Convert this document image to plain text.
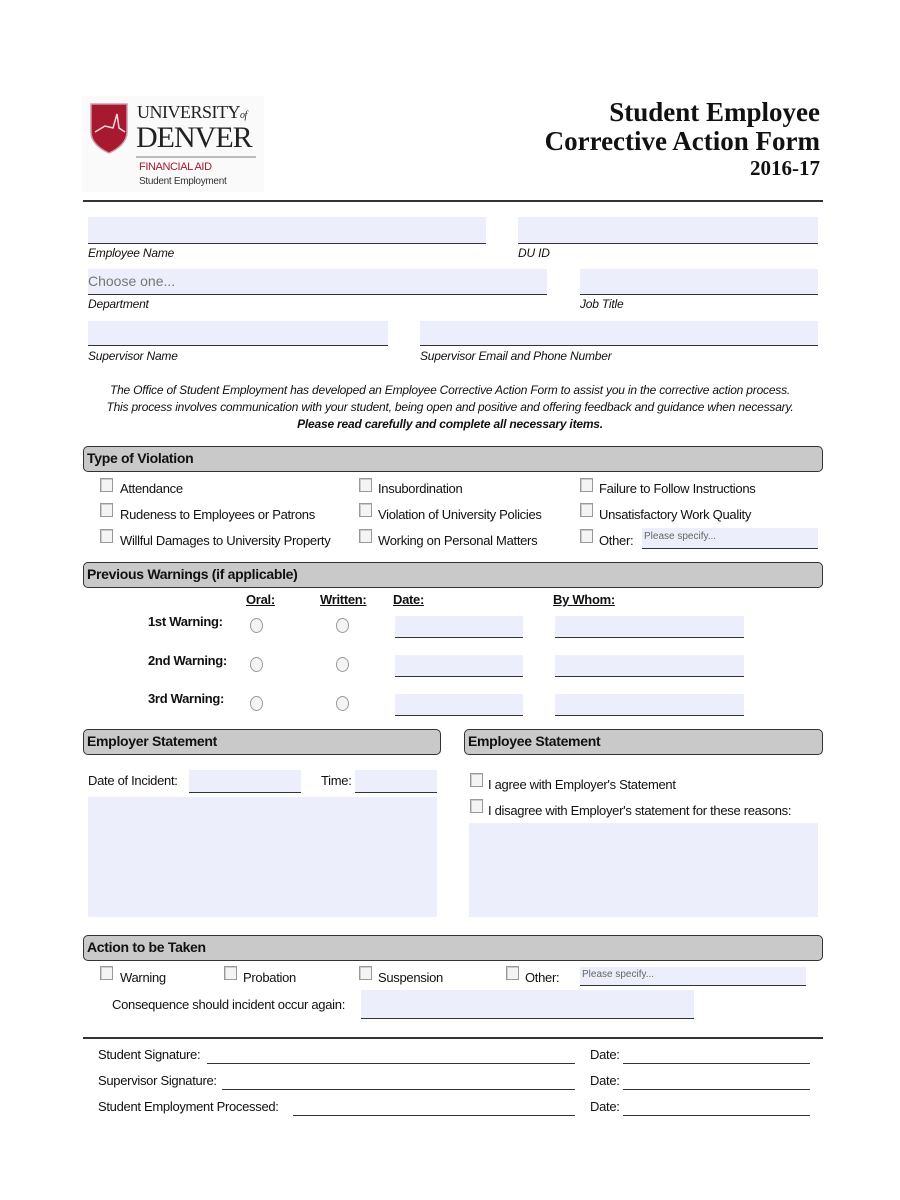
UNIVERSITYof
DENVER
FINANCIAL AID
Student Employment
Student Employee
Corrective Action Form
2016-17
Employee Name	DU ID
Choose one...
Department	Job Title
Supervisor Name	Supervisor Email and Phone Number
The Office of Student Employment has developed an Employee Corrective Action Form to assist you in the corrective action process.
This process involves communication with your student, being open and positive and offering feedback and guidance when necessary.
Please read carefully and complete all necessary items.
Type of Violation
Attendance	Insubordination	Failure to Follow Instructions
Rudeness to Employees or Patrons	Violation of University Policies	Unsatisfactory Work Quality
Willful Damages to University Property	Working on Personal Matters	Other: Please specify...
Previous Warnings (if applicable)
Oral:	Written: Date:	By Whom:
1st Warning:
2nd Warning:
3rd Warning:
Employer Statement	Employee Statement
Date of Incident:	Time:	I agree with Employer's Statement
I disagree with Employer's statement for these reasons:
Action to be Taken
Warning	Probation	Suspension	Other: Please specify...
Consequence should incident occur again:
Student Signature:	Date:
Supervisor Signature:	Date:
Student Employment Processed:	Date:
